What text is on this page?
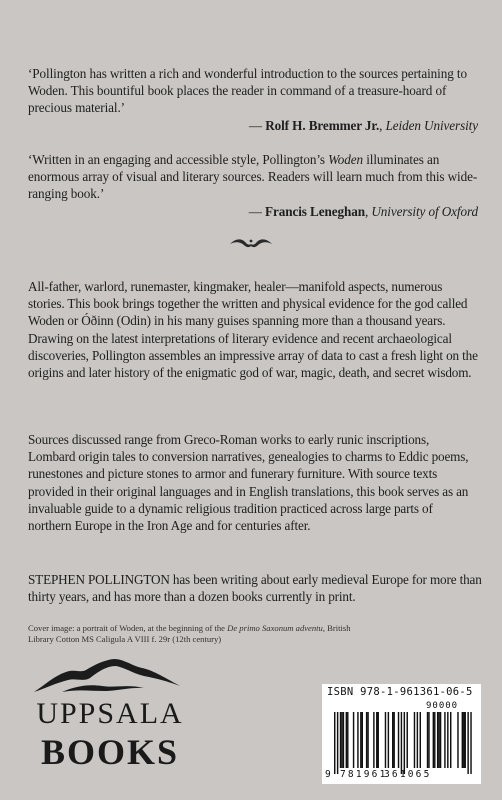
‘Pollington has written a rich and wonderful introduction to the sources pertaining to Woden. This bountiful book places the reader in command of a treasure-hoard of precious material.’

— Rolf H. Bremmer Jr., Leiden University

‘Written in an engaging and accessible style, Pollington’s Woden illuminates an enormous array of visual and literary sources. Readers will learn much from this wide-ranging book.’

— Francis Leneghan, University of Oxford

All-father, warlord, runemaster, kingmaker, healer—manifold aspects, numerous stories. This book brings together the written and physical evidence for the god called Woden or Óðinn (Odin) in his many guises spanning more than a thousand years. Drawing on the latest interpretations of literary evidence and recent archaeological discoveries, Pollington assembles an impressive array of data to cast a fresh light on the origins and later history of the enigmatic god of war, magic, death, and secret wisdom.

Sources discussed range from Greco-Roman works to early runic inscriptions, Lombard origin tales to conversion narratives, genealogies to charms to Eddic poems, runestones and picture stones to armor and funerary furniture. With source texts provided in their original languages and in English translations, this book serves as an invaluable guide to a dynamic religious tradition practiced across large parts of northern Europe in the Iron Age and for centuries after.

STEPHEN POLLINGTON has been writing about early medieval Europe for more than thirty years, and has more than a dozen books currently in print.

Cover image: a portrait of Woden, at the beginning of the De primo Saxonum adventu, British Library Cotton MS Caligula A VIII f. 29r (12th century)
UPPSALA
BOOKS
ISBN 978-1-961361-06-5
90000
9 781961
361065
